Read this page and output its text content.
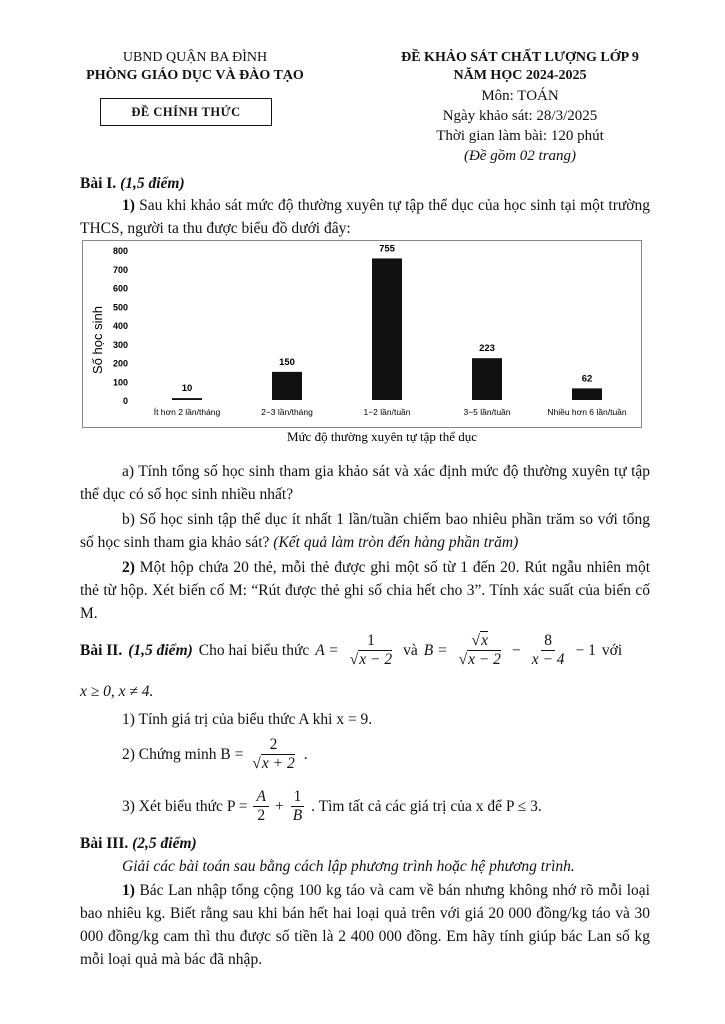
UBND QUẬN BA ĐÌNH
PHÒNG GIÁO DỤC VÀ ĐÀO TẠO
ĐỀ CHÍNH THỨC
ĐỀ KHẢO SÁT CHẤT LƯỢNG LỚP 9
NĂM HỌC 2024-2025
Môn: TOÁN
Ngày khảo sát: 28/3/2025
Thời gian làm bài: 120 phút
(Đề gồm 02 trang)
Bài I. (1,5 điểm)
1) Sau khi khảo sát mức độ thường xuyên tự tập thể dục của học sinh tại một trường THCS, người ta thu được biểu đồ dưới đây:
0
100
200
300
400
500
600
700
800
10
150
755
223
62
Ít hơn 2 lần/tháng	2−3 lần/tháng	1−2 lần/tuần	3−5 lần/tuần	Nhiều hơn 6 lần/tuần
Số học sinh
Mức độ thường xuyên tự tập thể dục
a) Tính tổng số học sinh tham gia khảo sát và xác định mức độ thường xuyên tự tập thể dục có số học sinh nhiều nhất?
b) Số học sinh tập thể dục ít nhất 1 lần/tuần chiếm bao nhiêu phần trăm so với tổng số học sinh tham gia khảo sát? (Kết quả làm tròn đến hàng phần trăm)
2) Một hộp chứa 20 thẻ, mỗi thẻ được ghi một số từ 1 đến 20. Rút ngẫu nhiên một thẻ từ hộp. Xét biến cố M: “Rút được thẻ ghi số chia hết cho 3”. Tính xác suất của biến cố M.
Bài II. (1,5 điểm) Cho hai biểu thức $A = \frac{1}{√x - 2}$ và $B = \frac{√x}{√x - 2} - \frac{8}{x - 4} - 1$ với
x ≥ 0, x ≠ 4.
1) Tính giá trị của biểu thức A khi x = 9.
2) Chứng minh $B = \frac{2}{√x + 2}$ .
3) Xét biểu thức $P = \frac{A}{2} + \frac{1}{B}$ . Tìm tất cả các giá trị của x để P ≤ 3.
Bài III. (2,5 điểm)
Giải các bài toán sau bằng cách lập phương trình hoặc hệ phương trình.
1) Bác Lan nhập tổng cộng 100 kg táo và cam về bán nhưng không nhớ rõ mỗi loại bao nhiêu kg. Biết rằng sau khi bán hết hai loại quả trên với giá 20 000 đồng/kg táo và 30 000 đồng/kg cam thì thu được số tiền là 2 400 000 đồng. Em hãy tính giúp bác Lan số kg mỗi loại quả mà bác đã nhập.
